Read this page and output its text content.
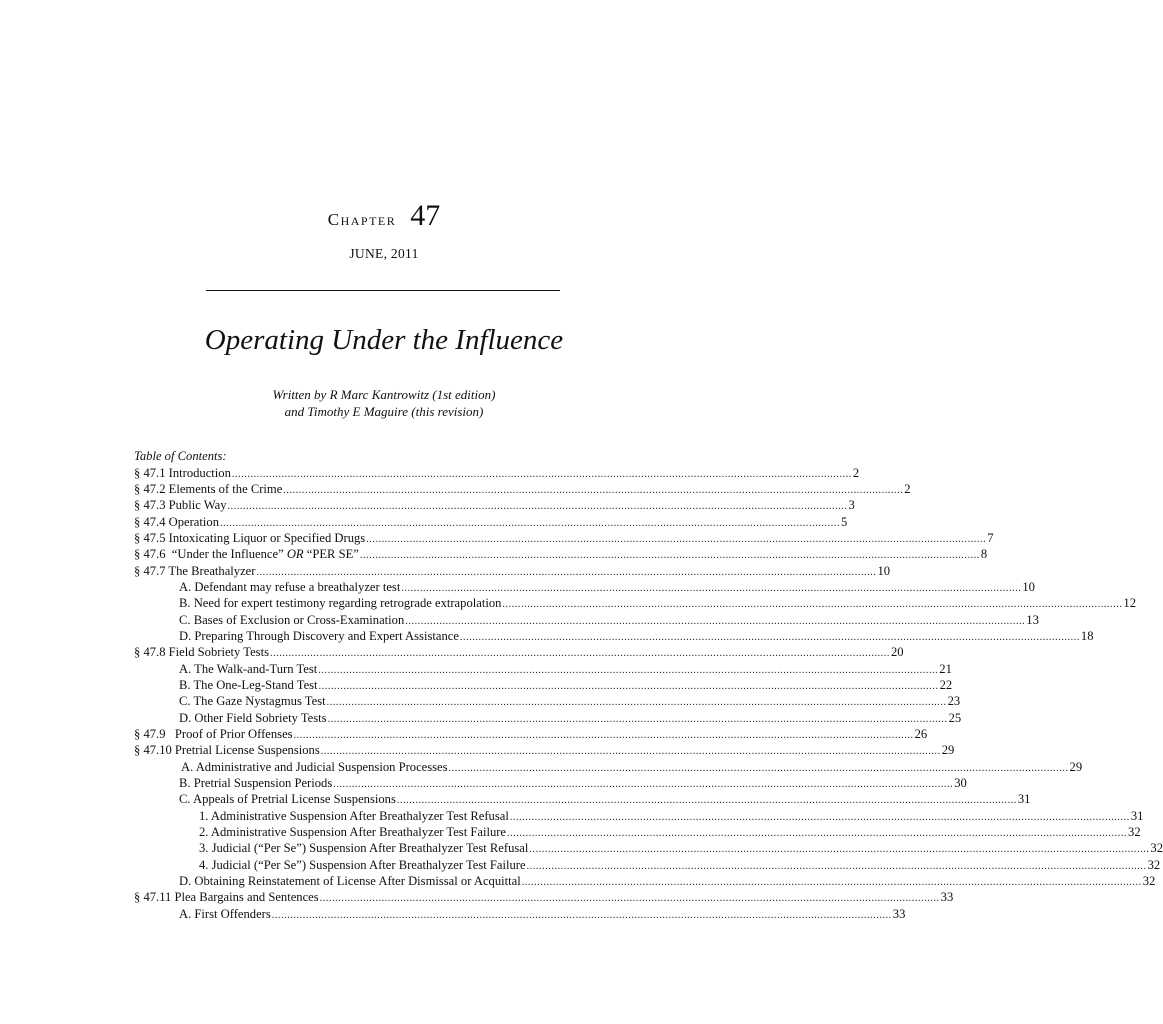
Chapter 47
JUNE, 2011
Operating Under the Influence
Written by R Marc Kantrowitz (1st edition)
and Timothy E Maguire (this revision)
Table of Contents:
§ 47.1 Introduction ........................................................................................................................................................................................................ 2
§ 47.2 Elements of the Crime ........................................................................................................................................................................................................ 2
§ 47.3 Public Way ........................................................................................................................................................................................................ 3
§ 47.4 Operation ........................................................................................................................................................................................................ 5
§ 47.5 Intoxicating Liquor or Specified Drugs ........................................................................................................................................................................................................ 7
§ 47.6  “Under the Influence” OR “PER SE” ........................................................................................................................................................................................................ 8
§ 47.7 The Breathalyzer ........................................................................................................................................................................................................ 10
A. Defendant may refuse a breathalyzer test ........................................................................................................................................................................................................ 10
B. Need for expert testimony regarding retrograde extrapolation ........................................................................................................................................................................................................ 12
C. Bases of Exclusion or Cross-Examination ........................................................................................................................................................................................................ 13
D. Preparing Through Discovery and Expert Assistance ........................................................................................................................................................................................................ 18
§ 47.8 Field Sobriety Tests ........................................................................................................................................................................................................ 20
A. The Walk-and-Turn Test ........................................................................................................................................................................................................ 21
B. The One-Leg-Stand Test ........................................................................................................................................................................................................ 22
C. The Gaze Nystagmus Test ........................................................................................................................................................................................................ 23
D. Other Field Sobriety Tests ........................................................................................................................................................................................................ 25
§ 47.9   Proof of Prior Offenses ........................................................................................................................................................................................................ 26
§ 47.10 Pretrial License Suspensions ........................................................................................................................................................................................................ 29
A. Administrative and Judicial Suspension Processes ........................................................................................................................................................................................................ 29
B. Pretrial Suspension Periods ........................................................................................................................................................................................................ 30
C. Appeals of Pretrial License Suspensions ........................................................................................................................................................................................................ 31
1. Administrative Suspension After Breathalyzer Test Refusal ........................................................................................................................................................................................................ 31
2. Administrative Suspension After Breathalyzer Test Failure ........................................................................................................................................................................................................ 32
3. Judicial (“Per Se”) Suspension After Breathalyzer Test Refusal ........................................................................................................................................................................................................ 32
4. Judicial (“Per Se”) Suspension After Breathalyzer Test Failure ........................................................................................................................................................................................................ 32
D. Obtaining Reinstatement of License After Dismissal or Acquittal ........................................................................................................................................................................................................ 32
§ 47.11 Plea Bargains and Sentences ........................................................................................................................................................................................................ 33
A. First Offenders ........................................................................................................................................................................................................ 33
